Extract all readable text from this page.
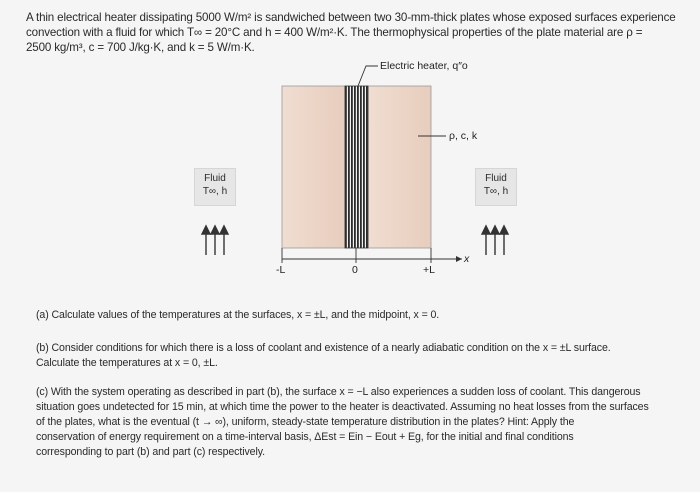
A thin electrical heater dissipating 5000 W/m² is sandwiched between two 30-mm-thick plates whose exposed surfaces experience

convection with a fluid for which T∞ = 20°C and h = 400 W/m²·K. The thermophysical properties of the plate material are ρ =

2500 kg/m³, c = 700 J/kg·K, and k = 5 W/m·K.

Electric heater, q″o
ρ, c, k
Fluid
T∞, h
Fluid
T∞, h
-L	0	+L
x

(a) Calculate values of the temperatures at the surfaces, x = ±L, and the midpoint, x = 0.

(b) Consider conditions for which there is a loss of coolant and existence of a nearly adiabatic condition on the x = ±L surface.

Calculate the temperatures at x = 0, ±L.

(c) With the system operating as described in part (b), the surface x = −L also experiences a sudden loss of coolant. This dangerous

situation goes undetected for 15 min, at which time the power to the heater is deactivated. Assuming no heat losses from the surfaces

of the plates, what is the eventual (t → ∞), uniform, steady-state temperature distribution in the plates? Hint: Apply the

conservation of energy requirement on a time-interval basis, ΔEst = Ein − Eout + Eg, for the initial and final conditions

corresponding to part (b) and part (c) respectively.
